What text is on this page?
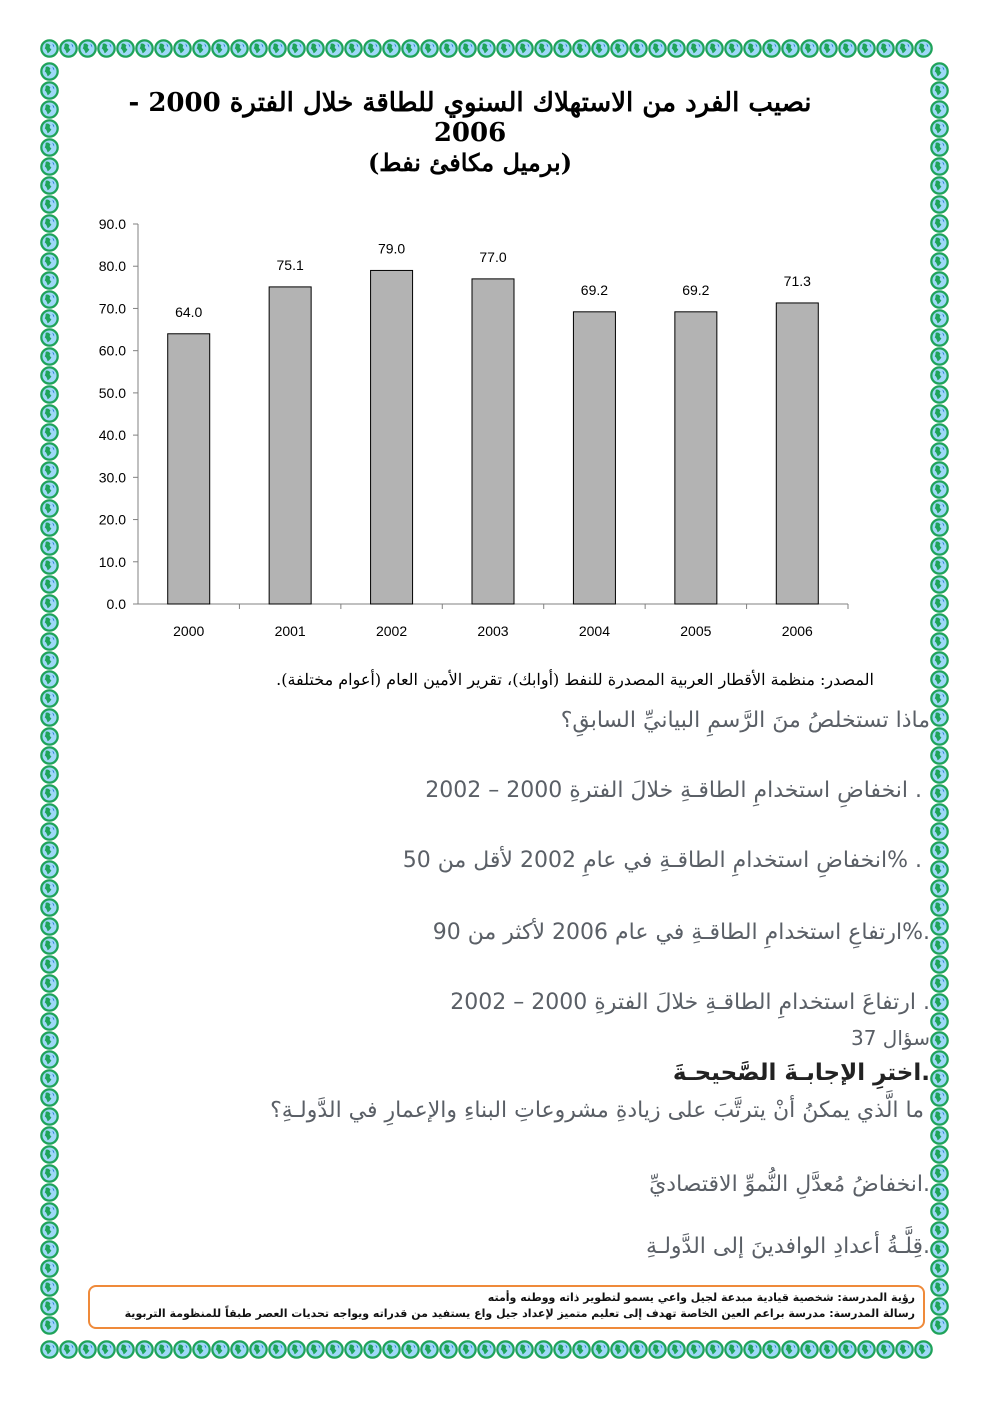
نصيب الفرد من الاستهلاك السنوي للطاقة خلال الفترة 2000 - 2006
(برميل مكافئ نفط)
0.0
10.0
20.0
30.0
40.0
50.0
60.0
70.0
80.0
90.0
64.0
2000
75.1
2001
79.0
2002
77.0
2003
69.2
2004
69.2
2005
71.3
2006
المصدر: منظمة الأقطار العربية المصدرة للنفط (أوابك)، تقرير الأمين العام (أعوام مختلفة).
ماذا تستخلصُ منَ الرَّسمِ البيانيِّ السابقِ؟
. انخفاضِ استخدامِ الطاقـةِ خلالَ الفترةِ 2000 – 2002
. %انخفاضِ استخدامِ الطاقـةِ في عامِ 2002 لأقل من 50
.%ارتفاعِ استخدامِ الطاقـةِ في عام 2006 لأكثر من 90
. ارتفاعَ استخدامِ الطاقـةِ خلالَ الفترةِ 2000 – 2002
سؤال 37
.اخترِ الإجابـةَ الصَّحيحـةَ
ما الَّذي يمكنُ أنْ يترتَّبَ على زيادةِ مشروعاتِ البناءِ والإعمارِ في الدَّولـةِ؟
.انخفاضُ مُعدَّلِ النُّموِّ الاقتصاديِّ
.قِلَّـةُ أعدادِ الوافدينَ إلى الدَّولـةِ
رؤية المدرسة: شخصية قيادية مبدعة لجيل واعي يسمو لتطوير ذاته ووطنه وأمته
رسالة المدرسة: مدرسة براعم العين الخاصة تهدف إلى تعليم متميز لإعداد جيل واع يستفيد من قدراته ويواجه تحديات العصر طبقاً للمنظومة التربوية
